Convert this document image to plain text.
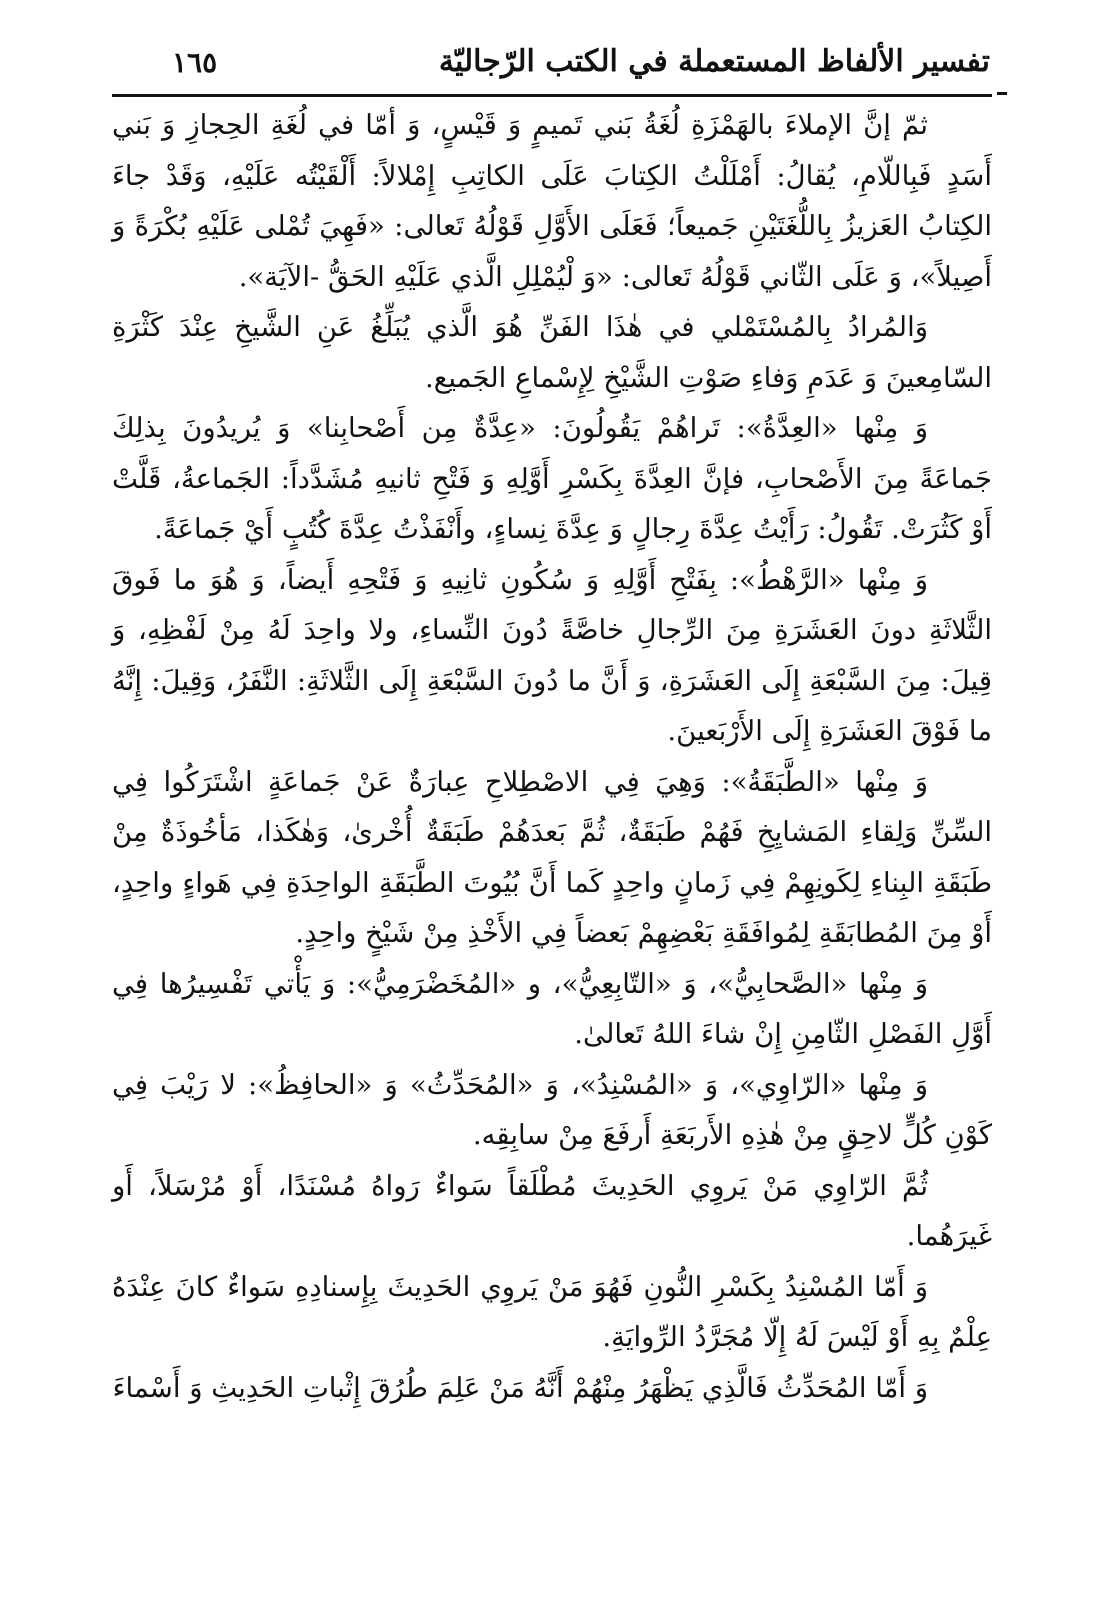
تفسير الألفاظ المستعملة في الكتب الرّجاليّة
١٦٥

ثمّ إنَّ الإملاءَ بالهَمْزَةِ لُغَةُ بَني تَميمٍ وَ قَيْسٍ، وَ أمّا في لُغَةِ الحِجازِ وَ بَني أَسَدٍ فَبِاللّامِ، يُقالُ: أَمْلَلْتُ الكِتابَ عَلَى الكاتِبِ إِمْلالاً: أَلْقَيْتُه عَلَيْهِ، وَقَدْ جاءَ الكِتابُ العَزيزُ بِاللُّغَتَيْنِ جَميعاً؛ فَعَلَى الأَوَّلِ قَوْلُهُ تَعالى: «فَهِيَ تُمْلى عَلَيْهِ بُكْرَةً وَ أَصِيلاً»، وَ عَلَى الثّاني قَوْلُهُ تَعالى: «وَ لْيُمْلِلِ الَّذي عَلَيْهِ الحَقُّ -الآيَة».

وَالمُرادُ بِالمُسْتَمْلي في هٰذَا الفَنِّ هُوَ الَّذي يُبَلِّغُ عَنِ الشَّيخِ عِنْدَ كَثْرَةِ السّامِعينَ وَ عَدَمِ وَفاءِ صَوْتِ الشَّيْخِ لِإِسْماعِ الجَميع.

وَ مِنْها «العِدَّةُ»: تَراهُمْ يَقُولُونَ: «عِدَّةٌ مِن أَصْحابِنا» وَ يُريدُونَ بِذلِكَ جَماعَةً مِنَ الأَصْحابِ، فإنَّ العِدَّةَ بِكَسْرِ أَوَّلِهِ وَ فَتْحِ ثانيهِ مُشَدَّداً: الجَماعةُ، قَلَّتْ أَوْ كَثُرَتْ. تَقُولُ: رَأَيْتُ عِدَّةَ رِجالٍ وَ عِدَّةَ نِساءٍ، وأَنْفَذْتُ عِدَّةَ كُتُبٍ أَيْ جَماعَةً.

وَ مِنْها «الرَّهْطُ»: بِفَتْحِ أَوَّلِهِ وَ سُكُونِ ثانِيهِ وَ فَتْحِهِ أَيضاً، وَ هُوَ ما فَوقَ الثَّلاثَةِ دونَ العَشَرَةِ مِنَ الرِّجالِ خاصَّةً دُونَ النِّساءِ، ولا واحِدَ لَهُ مِنْ لَفْظِهِ، وَ قِيلَ: مِنَ السَّبْعَةِ إِلَى العَشَرَةِ، وَ أَنَّ ما دُونَ السَّبْعَةِ إِلَى الثَّلاثَةِ: النَّفَرُ، وَقِيلَ: إِنَّهُ ما فَوْقَ العَشَرَةِ إِلَى الأَرْبَعينَ.

وَ مِنْها «الطَّبَقَةُ»: وَهِيَ فِي الاصْطِلاحِ عِبارَةٌ عَنْ جَماعَةٍ اشْتَرَكُوا فِي السِّنِّ وَلِقاءِ المَشايِخِ فَهُمْ طَبَقَةٌ، ثُمَّ بَعدَهُمْ طَبَقَةٌ أُخْرىٰ، وَهٰكَذا، مَأخُوذَةٌ مِنْ طَبَقَةِ البِناءِ لِكَونِهِمْ فِي زَمانٍ واحِدٍ كَما أَنَّ بُيُوتَ الطَّبَقَةِ الواحِدَةِ فِي هَواءٍ واحِدٍ، أَوْ مِنَ المُطابَقَةِ لِمُوافَقَةِ بَعْضِهِمْ بَعضاً فِي الأَخْذِ مِنْ شَيْخٍ واحِدٍ.

وَ مِنْها «الصَّحابِيُّ»، وَ «التّابِعِيُّ»، و «المُخَضْرَمِيُّ»: وَ يَأْتي تَفْسِيرُها فِي أَوَّلِ الفَصْلِ الثّامِنِ إِنْ شاءَ اللهُ تَعالىٰ.

وَ مِنْها «الرّاوِي»، وَ «المُسْنِدُ»، وَ «المُحَدِّثُ» وَ «الحافِظُ»: لا رَيْبَ فِي كَوْنِ كُلٍّ لاحِقٍ مِنْ هٰذِهِ الأَربَعَةِ أَرفَعَ مِنْ سابِقِه.

ثُمَّ الرّاوِي مَنْ يَروِي الحَدِيثَ مُطْلَقاً سَواءٌ رَواهُ مُسْنَدًا، أَوْ مُرْسَلاً، أَو غَيرَهُما.

وَ أَمّا المُسْنِدُ بِكَسْرِ النُّونِ فَهُوَ مَنْ يَروِي الحَدِيثَ بِإِسنادِهِ سَواءٌ كانَ عِنْدَهُ عِلْمٌ بِهِ أَوْ لَيْسَ لَهُ إِلّا مُجَرَّدُ الرِّوايَةِ.

وَ أَمّا المُحَدِّثُ فَالَّذِي يَظْهَرُ مِنْهُمْ أَنَّهُ مَنْ عَلِمَ طُرُقَ إِثْباتِ الحَدِيثِ وَ أَسْماءَ
